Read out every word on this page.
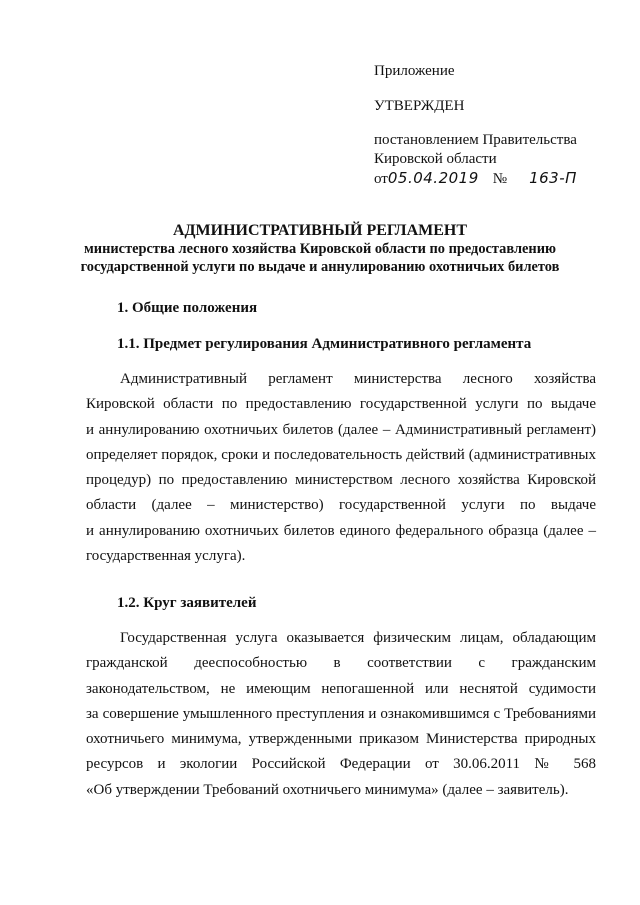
Приложение
УТВЕРЖДЕН
постановлением Правительства
Кировской области
от05.04.2019 № 163-П
АДМИНИСТРАТИВНЫЙ РЕГЛАМЕНТ
министерства лесного хозяйства Кировской области по предоставлению
государственной услуги по выдаче и аннулированию охотничьих билетов
1. Общие положения
1.1. Предмет регулирования Административного регламента
Административный регламент министерства лесного хозяйства
Кировской области по предоставлению государственной услуги по выдаче
и аннулированию охотничьих билетов (далее – Административный регламент)
определяет порядок, сроки и последовательность действий (административных
процедур) по предоставлению министерством лесного хозяйства Кировской
области (далее – министерство) государственной услуги по выдаче
и аннулированию охотничьих билетов единого федерального образца (далее –
государственная услуга).
1.2. Круг заявителей
Государственная услуга оказывается физическим лицам, обладающим
гражданской дееспособностью в соответствии с гражданским
законодательством, не имеющим непогашенной или неснятой судимости
за совершение умышленного преступления и ознакомившимся с Требованиями
охотничьего минимума, утвержденными приказом Министерства природных
ресурсов и экологии Российской Федерации от 30.06.2011 № 568
«Об утверждении Требований охотничьего минимума» (далее – заявитель).
